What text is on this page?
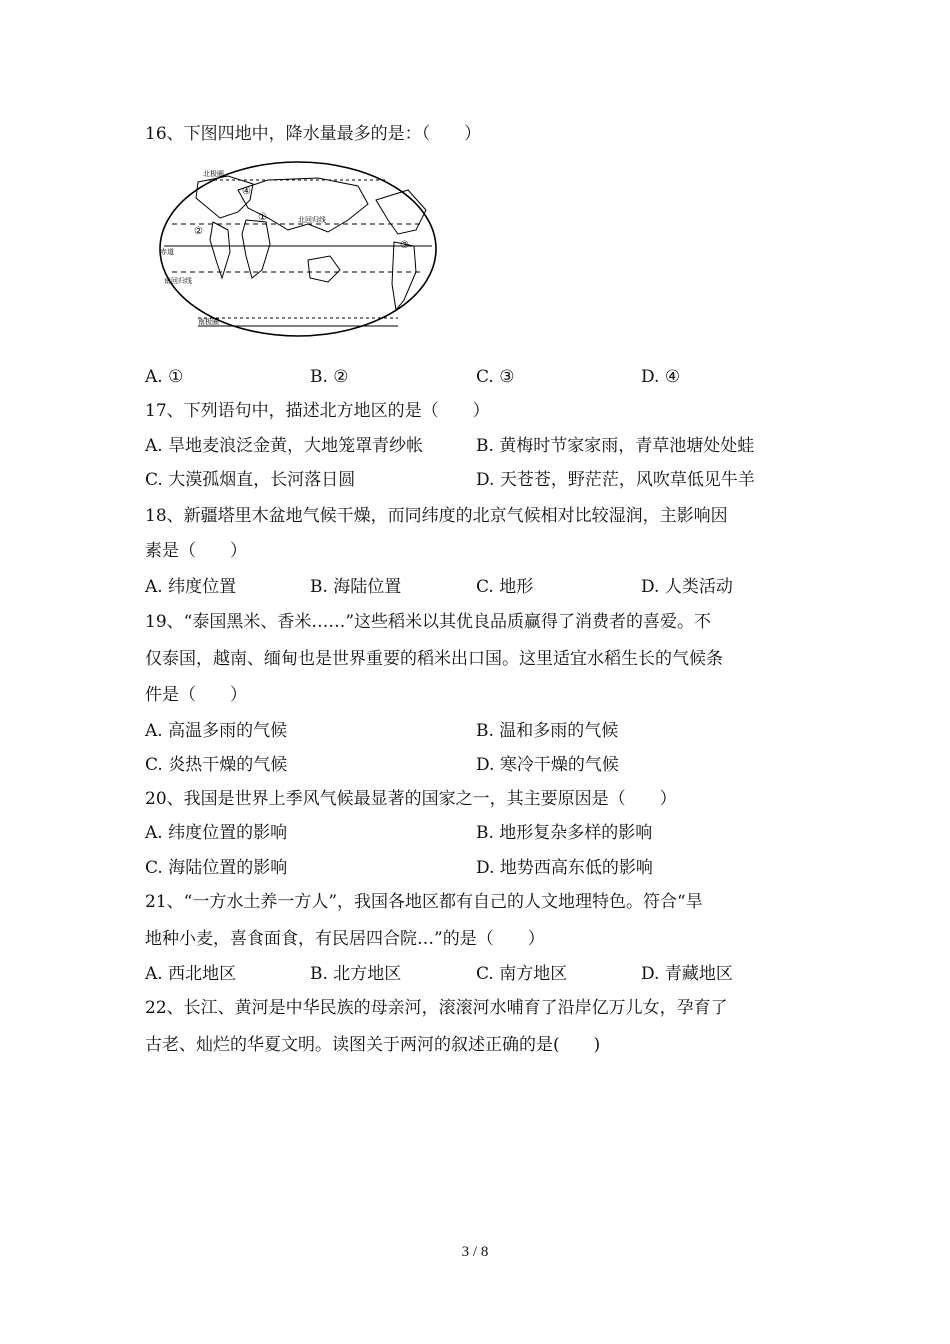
16、下图四地中，降水量最多的是：（　　）
北回归线
赤道
南回归线
南极圈
北极圈
①
②
③
④
A. ①	B. ②	C. ③	D. ④
17、下列语句中，描述北方地区的是（　　）
A. 旱地麦浪泛金黄，大地笼罩青纱帐	B. 黄梅时节家家雨，青草池塘处处蛙
C. 大漠孤烟直，长河落日圆	D. 天苍苍，野茫茫，风吹草低见牛羊
18、新疆塔里木盆地气候干燥，而同纬度的北京气候相对比较湿润，主影响因
素是（　　）
A. 纬度位置	B. 海陆位置	C. 地形	D. 人类活动
19、“泰国黑米、香米……”这些稻米以其优良品质赢得了消费者的喜爱。不
仅泰国，越南、缅甸也是世界重要的稻米出口国。这里适宜水稻生长的气候条
件是（　　）
A. 高温多雨的气候	B. 温和多雨的气候
C. 炎热干燥的气候	D. 寒冷干燥的气候
20、我国是世界上季风气候最显著的国家之一，其主要原因是（　　）
A. 纬度位置的影响	B. 地形复杂多样的影响
C. 海陆位置的影响	D. 地势西高东低的影响
21、“一方水土养一方人”，我国各地区都有自己的人文地理特色。符合“旱
地种小麦，喜食面食，有民居四合院…”的是（　　）
A. 西北地区	B. 北方地区	C. 南方地区	D. 青藏地区
22、长江、黄河是中华民族的母亲河，滚滚河水哺育了沿岸亿万儿女，孕育了
古老、灿烂的华夏文明。读图关于两河的叙述正确的是(　　)
3 / 8
